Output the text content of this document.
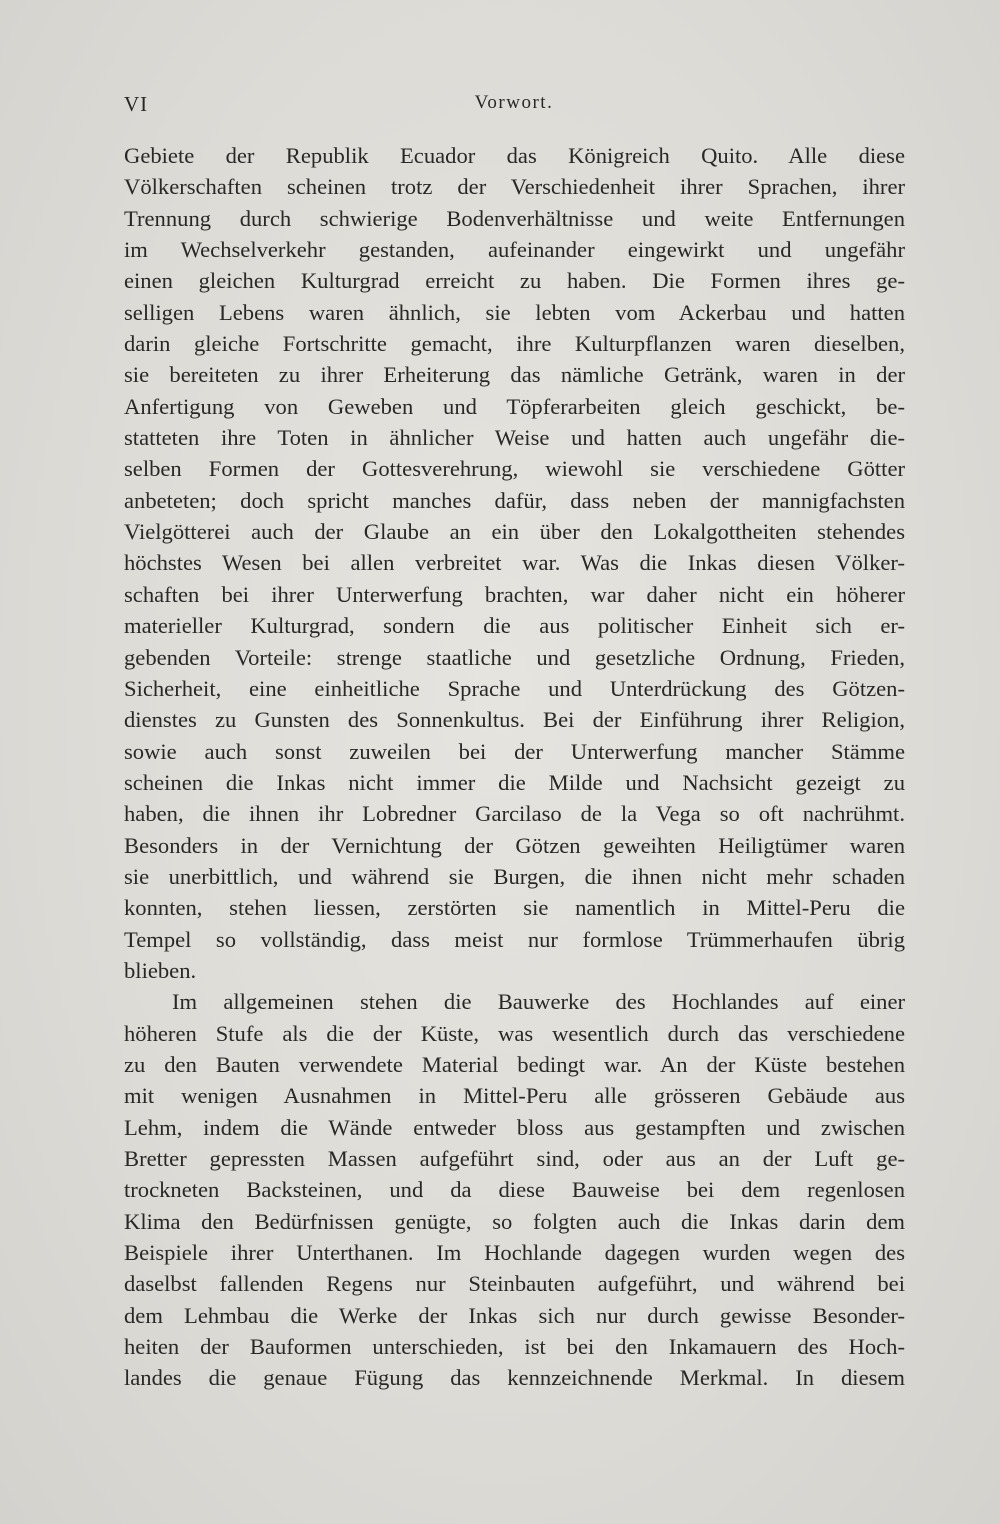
VI	Vorwort.
Gebiete der Republik Ecuador das Königreich Quito. Alle diese
Völkerschaften scheinen trotz der Verschiedenheit ihrer Sprachen, ihrer
Trennung durch schwierige Bodenverhältnisse und weite Entfernungen
im Wechselverkehr gestanden, aufeinander eingewirkt und ungefähr
einen gleichen Kulturgrad erreicht zu haben. Die Formen ihres ge-
selligen Lebens waren ähnlich, sie lebten vom Ackerbau und hatten
darin gleiche Fortschritte gemacht, ihre Kulturpflanzen waren dieselben,
sie bereiteten zu ihrer Erheiterung das nämliche Getränk, waren in der
Anfertigung von Geweben und Töpferarbeiten gleich geschickt, be-
statteten ihre Toten in ähnlicher Weise und hatten auch ungefähr die-
selben Formen der Gottesverehrung, wiewohl sie verschiedene Götter
anbeteten; doch spricht manches dafür, dass neben der mannigfachsten
Vielgötterei auch der Glaube an ein über den Lokalgottheiten stehendes
höchstes Wesen bei allen verbreitet war. Was die Inkas diesen Völker-
schaften bei ihrer Unterwerfung brachten, war daher nicht ein höherer
materieller Kulturgrad, sondern die aus politischer Einheit sich er-
gebenden Vorteile: strenge staatliche und gesetzliche Ordnung, Frieden,
Sicherheit, eine einheitliche Sprache und Unterdrückung des Götzen-
dienstes zu Gunsten des Sonnenkultus. Bei der Einführung ihrer Religion,
sowie auch sonst zuweilen bei der Unterwerfung mancher Stämme
scheinen die Inkas nicht immer die Milde und Nachsicht gezeigt zu
haben, die ihnen ihr Lobredner Garcilaso de la Vega so oft nachrühmt.
Besonders in der Vernichtung der Götzen geweihten Heiligtümer waren
sie unerbittlich, und während sie Burgen, die ihnen nicht mehr schaden
konnten, stehen liessen, zerstörten sie namentlich in Mittel-Peru die
Tempel so vollständig, dass meist nur formlose Trümmerhaufen übrig
blieben.
Im allgemeinen stehen die Bauwerke des Hochlandes auf einer
höheren Stufe als die der Küste, was wesentlich durch das verschiedene
zu den Bauten verwendete Material bedingt war. An der Küste bestehen
mit wenigen Ausnahmen in Mittel-Peru alle grösseren Gebäude aus
Lehm, indem die Wände entweder bloss aus gestampften und zwischen
Bretter gepressten Massen aufgeführt sind, oder aus an der Luft ge-
trockneten Backsteinen, und da diese Bauweise bei dem regenlosen
Klima den Bedürfnissen genügte, so folgten auch die Inkas darin dem
Beispiele ihrer Unterthanen. Im Hochlande dagegen wurden wegen des
daselbst fallenden Regens nur Steinbauten aufgeführt, und während bei
dem Lehmbau die Werke der Inkas sich nur durch gewisse Besonder-
heiten der Bauformen unterschieden, ist bei den Inkamauern des Hoch-
landes die genaue Fügung das kennzeichnende Merkmal. In diesem
